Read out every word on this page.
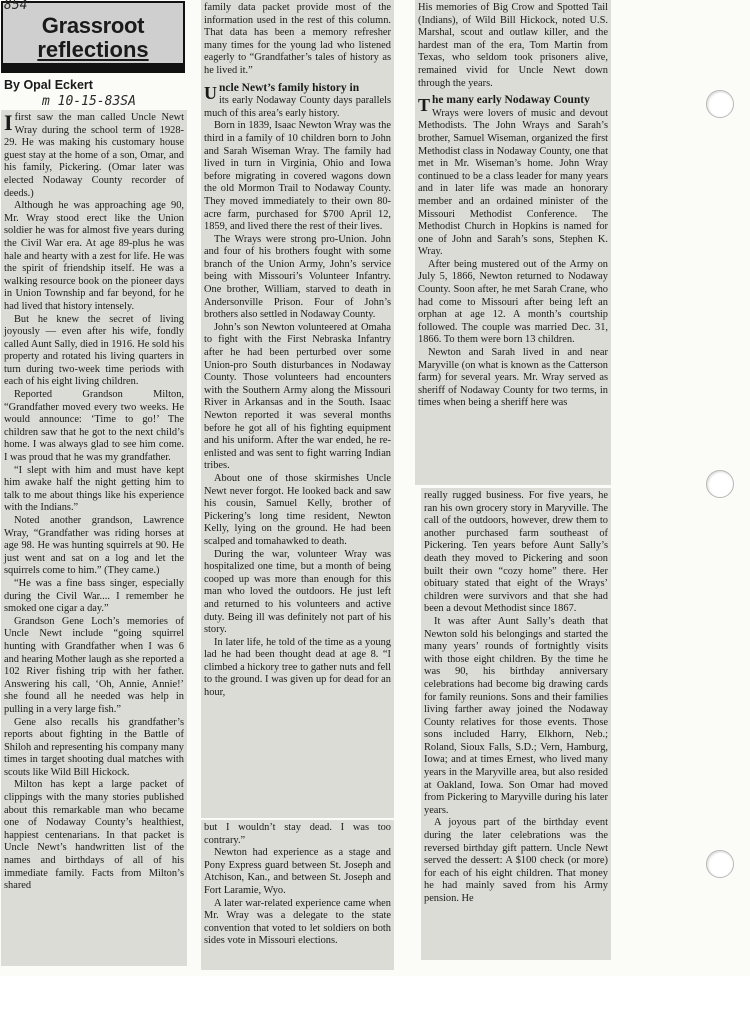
854
Grassroot
reflections
By Opal Eckert
m 10-15-83SA

Ifirst saw the man called Uncle Newt Wray during the school term of 1928-29. He was making his customary house guest stay at the home of a son, Omar, and his family, Pickering. (Omar later was elected Nodaway County recorder of deeds.)

Although he was approaching age 90, Mr. Wray stood erect like the Union soldier he was for almost five years during the Civil War era. At age 89-plus he was hale and hearty with a zest for life. He was the spirit of friendship itself. He was a walking resource book on the pioneer days in Union Township and far beyond, for he had lived that history intensely.

But he knew the secret of living joyously — even after his wife, fondly called Aunt Sally, died in 1916. He sold his property and rotated his living quarters in turn during two-week time periods with each of his eight living children.

Reported Grandson Milton, “Grandfather moved every two weeks. He would announce: ‘Time to go!’ The children saw that he got to the next child’s home. I was always glad to see him come. I was proud that he was my grandfather.

“I slept with him and must have kept him awake half the night getting him to talk to me about things like his experience with the Indians.”

Noted another grandson, Lawrence Wray, “Grandfather was riding horses at age 98. He was hunting squirrels at 90. He just went and sat on a log and let the squirrels come to him.” (They came.)

“He was a fine bass singer, especially during the Civil War.... I remember he smoked one cigar a day.”

Grandson Gene Loch’s memories of Uncle Newt include “going squirrel hunting with Grandfather when I was 6 and hearing Mother laugh as she reported a 102 River fishing trip with her father. Answering his call, ‘Oh, Annie, Annie!’ she found all he needed was help in pulling in a very large fish.”

Gene also recalls his grandfather’s reports about fighting in the Battle of Shiloh and representing his company many times in target shooting dual matches with scouts like Wild Bill Hickock.

Milton has kept a large packet of clippings with the many stories published about this remarkable man who became one of Nodaway County’s healthiest, happiest centenarians. In that packet is Uncle Newt’s handwritten list of the names and birthdays of all of his immediate family. Facts from Milton’s shared

family data packet provide most of the information used in the rest of this column. That data has been a memory refresher many times for the young lad who listened eagerly to “Grandfather’s tales of history as he lived it.”

Uncle Newt’s family history in

its early Nodaway County days parallels much of this area’s early history.

Born in 1839, Isaac Newton Wray was the third in a family of 10 children born to John and Sarah Wiseman Wray. The family had lived in turn in Virginia, Ohio and Iowa before migrating in covered wagons down the old Mormon Trail to Nodaway County. They moved immediately to their own 80-acre farm, purchased for $700 April 12, 1859, and lived there the rest of their lives.

The Wrays were strong pro-Union. John and four of his brothers fought with some branch of the Union Army, John’s service being with Missouri’s Volunteer Infantry. One brother, William, starved to death in Andersonville Prison. Four of John’s brothers also settled in Nodaway County.

John’s son Newton volunteered at Omaha to fight with the First Nebraska Infantry after he had been perturbed over some Union-pro South disturbances in Nodaway County. Those volunteers had encounters with the Southern Army along the Missouri River in Arkansas and in the South. Isaac Newton reported it was several months before he got all of his fighting equipment and his uniform. After the war ended, he re-enlisted and was sent to fight warring Indian tribes.

About one of those skirmishes Uncle Newt never forgot. He looked back and saw his cousin, Samuel Kelly, brother of Pickering’s long time resident, Newton Kelly, lying on the ground. He had been scalped and tomahawked to death.

During the war, volunteer Wray was hospitalized one time, but a month of being cooped up was more than enough for this man who loved the outdoors. He just left and returned to his volunteers and active duty. Being ill was definitely not part of his story.

In later life, he told of the time as a young lad he had been thought dead at age 8. “I climbed a hickory tree to gather nuts and fell to the ground. I was given up for dead for an hour,

but I wouldn’t stay dead. I was too contrary.”

Newton had experience as a stage and Pony Express guard between St. Joseph and Atchison, Kan., and between St. Joseph and Fort Laramie, Wyo.

A later war-related experience came when Mr. Wray was a delegate to the state convention that voted to let soldiers on both sides vote in Missouri elections.

His memories of Big Crow and Spotted Tail (Indians), of Wild Bill Hickock, noted U.S. Marshal, scout and outlaw killer, and the hardest man of the era, Tom Martin from Texas, who seldom took prisoners alive, remained vivid for Uncle Newt down through the years.

The many early Nodaway County

Wrays were lovers of music and devout Methodists. The John Wrays and Sarah’s brother, Samuel Wiseman, organized the first Methodist class in Nodaway County, one that met in Mr. Wiseman’s home. John Wray continued to be a class leader for many years and in later life was made an honorary member and an ordained minister of the Missouri Methodist Conference. The Methodist Church in Hopkins is named for one of John and Sarah’s sons, Stephen K. Wray.

After being mustered out of the Army on July 5, 1866, Newton returned to Nodaway County. Soon after, he met Sarah Crane, who had come to Missouri after being left an orphan at age 12. A month’s courtship followed. The couple was married Dec. 31, 1866. To them were born 13 children.

Newton and Sarah lived in and near Maryville (on what is known as the Catterson farm) for several years. Mr. Wray served as sheriff of Nodaway County for two terms, in times when being a sheriff here was

really rugged business. For five years, he ran his own grocery story in Maryville. The call of the outdoors, however, drew them to another purchased farm southeast of Pickering. Ten years before Aunt Sally’s death they moved to Pickering and soon built their own “cozy home” there. Her obituary stated that eight of the Wrays’ children were survivors and that she had been a devout Methodist since 1867.

It was after Aunt Sally’s death that Newton sold his belongings and started the many years’ rounds of fortnightly visits with those eight children. By the time he was 90, his birthday anniversary celebrations had become big drawing cards for family reunions. Sons and their families living farther away joined the Nodaway County relatives for those events. Those sons included Harry, Elkhorn, Neb.; Roland, Sioux Falls, S.D.; Vern, Hamburg, Iowa; and at times Ernest, who lived many years in the Maryville area, but also resided at Oakland, Iowa. Son Omar had moved from Pickering to Maryville during his later years.

A joyous part of the birthday event during the later celebrations was the reversed birthday gift pattern. Uncle Newt served the dessert: A $100 check (or more) for each of his eight children. That money he had mainly saved from his Army pension. He
